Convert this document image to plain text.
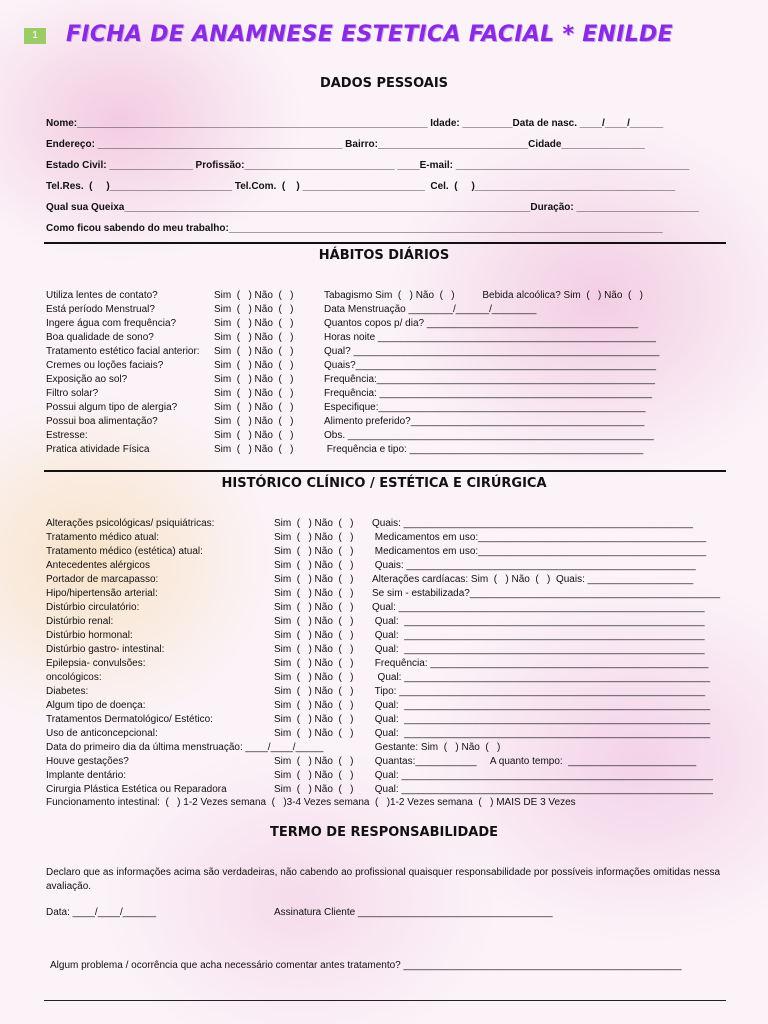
1	FICHA DE ANAMNESE ESTETICA FACIAL * ENILDE
DADOS PESSOAIS
Nome:_______________________________________________________________ Idade: _________Data de nasc. ____/____/______
Endereço: ____________________________________________ Bairro:___________________________Cidade_______________
Estado Civil: _______________ Profissão:___________________________ ____E-mail: __________________________________________
Tel.Res.  (     )______________________ Tel.Com.  (    ) ______________________  Cel.  (     )____________________________________
Qual sua Queixa_________________________________________________________________________Duração: ______________________
Como ficou sabendo do meu trabalho:______________________________________________________________________________
HÁBITOS DIÁRIOS
Utiliza lentes de contato?	Sim  (   ) Não  (   )	Tabagismo Sim  (   ) Não  (   )          Bebida alcoólica? Sim  (   ) Não  (   )
Está período Menstrual?	Sim  (   ) Não  (   )	Data Menstruação ________/______/________
Ingere água com frequência?	Sim  (   ) Não  (   )	Quantos copos p/ dia? ______________________________________
Boa qualidade de sono?	Sim  (   ) Não  (   )	Horas noite __________________________________________________
Tratamento estético facial anterior: Sim  (   ) Não  (   )	Qual? _______________________________________________________
Cremes ou loções faciais?	Sim  (   ) Não  (   )	Quais?______________________________________________________
Exposição ao sol?	Sim  (   ) Não  (   )	Frequência:__________________________________________________
Filtro solar?	Sim  (   ) Não  (   )	Frequência: _________________________________________________
Possui algum tipo de alergia?	Sim  (   ) Não  (   )	Especifique:________________________________________________
Possui boa alimentação?	Sim  (   ) Não  (   )	Alimento preferido?__________________________________________
Estresse:	Sim  (   ) Não  (   )	Obs. _______________________________________________________
Pratica atividade Física	Sim  (   ) Não  (   )	Frequência e tipo: __________________________________________
HISTÓRICO CLÍNICO / ESTÉTICA E CIRÚRGICA
Alterações psicológicas/ psiquiátricas:	Sim  (   ) Não  (   ) Quais: ____________________________________________________
Tratamento médico atual:	Sim  (   ) Não  (   ) Medicamentos em uso:_________________________________________
Tratamento médico (estética) atual:	Sim  (   ) Não  (   ) Medicamentos em uso:_________________________________________
Antecedentes alérgicos	Sim  (   ) Não  (   ) Quais: ____________________________________________________
Portador de marcapasso:	Sim  (   ) Não  (   ) Alterações cardíacas: Sim  (   ) Não  (   )  Quais: ___________________
Hipo/hipertensão arterial:	Sim  (   ) Não  (   ) Se sim - estabilizada?_____________________________________________
Distúrbio circulatório:	Sim  (   ) Não  (   ) Qual: _______________________________________________________
Distúrbio renal:	Sim  (   ) Não  (   ) Qual:  ______________________________________________________
Distúrbio hormonal:	Sim  (   ) Não  (   ) Qual:  ______________________________________________________
Distúrbio gastro- intestinal:	Sim  (   ) Não  (   ) Qual:  ______________________________________________________
Epilepsia- convulsões:	Sim  (   ) Não  (   ) Frequência: __________________________________________________
oncológicos:	Sim  (   ) Não  (   ) Qual: _______________________________________________________
Diabetes:	Sim  (   ) Não  (   ) Tipo: _______________________________________________________
Algum tipo de doença:	Sim  (   ) Não  (   ) Qual:  _______________________________________________________
Tratamentos Dermatológico/ Estético:	Sim  (   ) Não  (   ) Qual:  _______________________________________________________
Uso de anticoncepcional:	Sim  (   ) Não  (   ) Qual:  _______________________________________________________
Data do primeiro dia da última menstruação: ____/____/_____	Gestante: Sim  (   ) Não  (   )
Houve gestações?	Sim  (   ) Não  (   ) Quantas:___________     A quanto tempo:  _______________________
Implante dentário:	Sim  (   ) Não  (   ) Qual: ________________________________________________________
Cirurgia Plástica Estética ou Reparadora	Sim  (   ) Não  (   ) Qual: ________________________________________________________
Funcionamento intestinal:  (   ) 1-2 Vezes semana  (   )3-4 Vezes semana  (   )1-2 Vezes semana  (   ) MAIS DE 3 Vezes
TERMO DE RESPONSABILIDADE
Declaro que as informações acima são verdadeiras, não cabendo ao profissional quaisquer responsabilidade por possíveis informações omitidas nessa avaliação.
Data: ____/____/______	Assinatura Cliente ___________________________________
Algum problema / ocorrência que acha necessário comentar antes tratamento? __________________________________________________
